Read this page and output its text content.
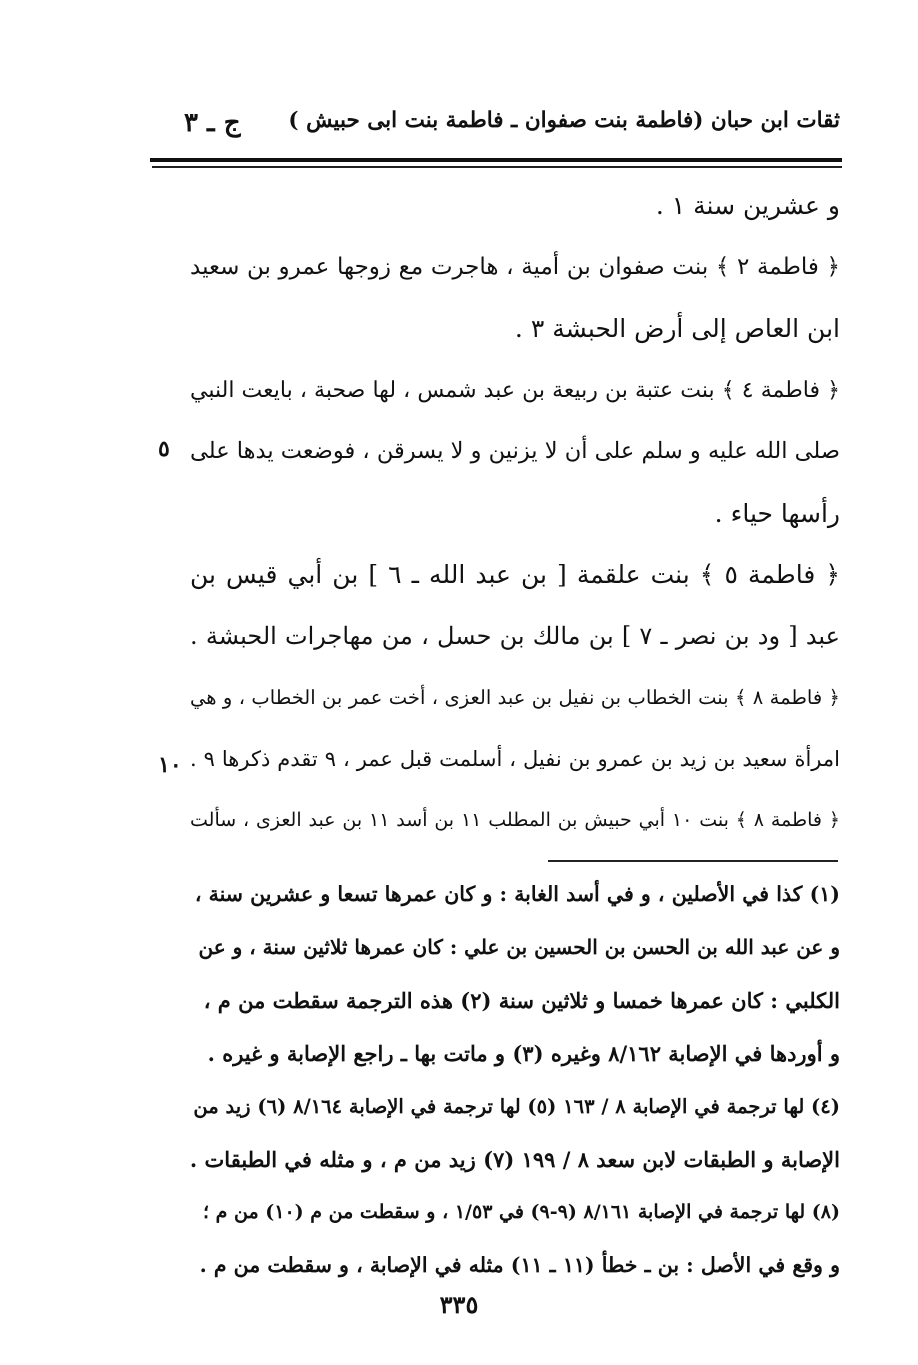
ثقات ابن حبان (فاطمة بنت صفوان ـ فاطمة بنت ابى حبيش )
ج ـ ٣
و عشرين سنة ١ .
﴿ فاطمة ٢ ﴾ بنت صفوان بن أمية ، هاجرت مع زوجها عمرو بن سعيد
ابن العاص إلى أرض الحبشة ٣ .
﴿ فاطمة ٤ ﴾ بنت عتبة بن ربيعة بن عبد شمس ، لها صحبة ، بايعت النبي
صلى الله عليه و سلم على أن لا يزنين و لا يسرقن ، فوضعت يدها على
رأسها حياء .
﴿ فاطمة ٥ ﴾ بنت علقمة [ بن عبد الله ـ ٦ ] بن أبي قيس بن
عبد [ ود بن نصر ـ ٧ ] بن مالك بن حسل ، من مهاجرات الحبشة .
﴿ فاطمة ٨ ﴾ بنت الخطاب بن نفيل بن عبد العزى ، أخت عمر بن الخطاب ، و هي
امرأة سعيد بن زيد بن عمرو بن نفيل ، أسلمت قبل عمر ، ٩ تقدم ذكرها ٩ .
﴿ فاطمة ٨ ﴾ بنت ١٠ أبي حبيش بن المطلب ١١ بن أسد ١١ بن عبد العزى ، سألت
٥
١٠
(١) كذا في الأصلين ، و في أسد الغابة : و كان عمرها تسعا و عشرين سنة ،
و عن عبد الله بن الحسن بن الحسين بن علي : كان عمرها ثلاثين سنة ، و عن
الكلبي : كان عمرها خمسا و ثلاثين سنة (٢) هذه الترجمة سقطت من م ،
و أوردها في الإصابة ٨/١٦٢ وغيره (٣) و ماتت بها ـ راجع الإصابة و غيره .
(٤) لها ترجمة في الإصابة ٨ / ١٦٣ (٥) لها ترجمة في الإصابة ٨/١٦٤ (٦) زيد من
الإصابة و الطبقات لابن سعد ٨ / ١٩٩ (٧) زيد من م ، و مثله في الطبقات .
(٨) لها ترجمة في الإصابة ٨/١٦١ (٩-٩) في ١/٥٣ ، و سقطت من م (١٠) من م ؛
و وقع في الأصل : بن ـ خطأ (١١ ـ ١١) مثله في الإصابة ، و سقطت من م .
٣٣٥
